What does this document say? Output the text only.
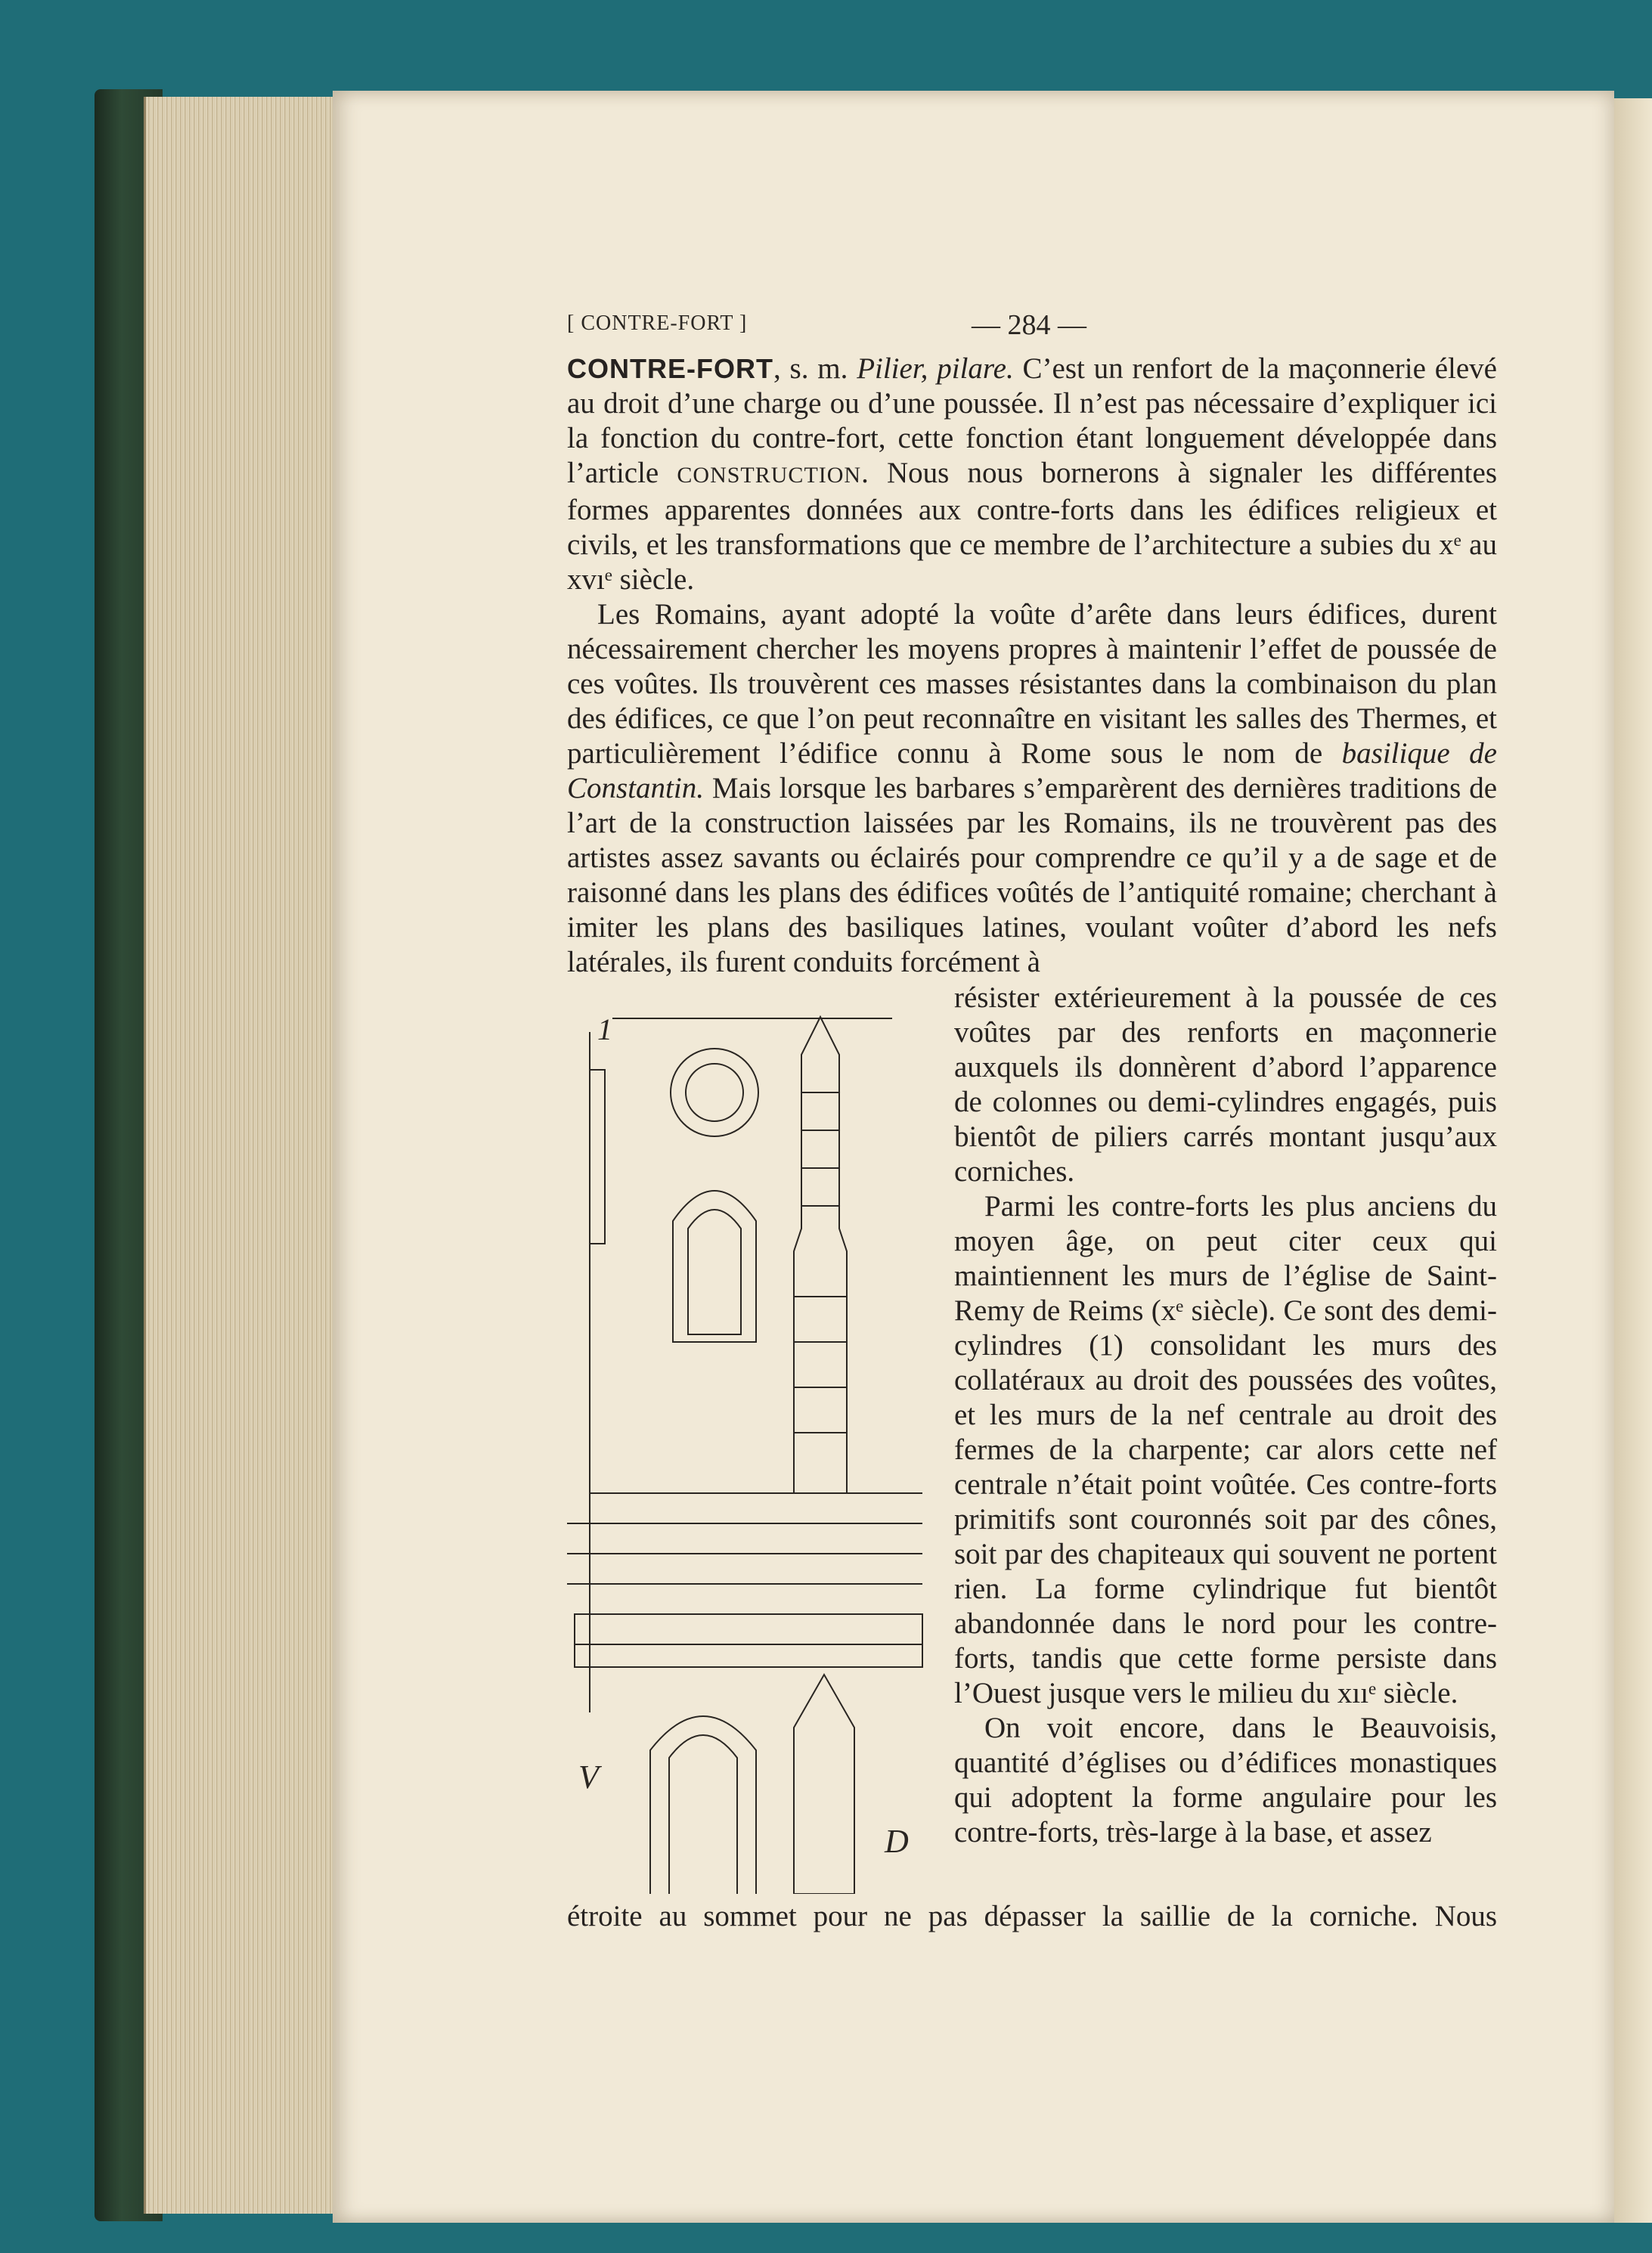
[ CONTRE-FORT ]	— 284 —

CONTRE-FORT, s. m. Pilier, pilare. C’est un renfort de la maçonnerie élevé au droit d’une charge ou d’une poussée. Il n’est pas nécessaire d’expliquer ici la fonction du contre-fort, cette fonction étant longuement développée dans l’article CONSTRUCTION. Nous nous bornerons à signaler les différentes formes apparentes données aux contre-forts dans les édifices religieux et civils, et les transformations que ce membre de l’architecture a subies du xᵉ au xvıᵉ siècle.

Les Romains, ayant adopté la voûte d’arête dans leurs édifices, durent nécessairement chercher les moyens propres à maintenir l’effet de poussée de ces voûtes. Ils trouvèrent ces masses résistantes dans la combinaison du plan des édifices, ce que l’on peut reconnaître en visitant les salles des Thermes, et particulièrement l’édifice connu à Rome sous le nom de basilique de Constantin. Mais lorsque les barbares s’emparèrent des dernières traditions de l’art de la construction laissées par les Romains, ils ne trouvèrent pas des artistes assez savants ou éclairés pour comprendre ce qu’il y a de sage et de raisonné dans les plans des édifices voûtés de l’antiquité romaine; cherchant à imiter les plans des basiliques latines, voulant voûter d’abord les nefs latérales, ils furent conduits forcément à

1
V
D

résister extérieurement à la poussée de ces voûtes par des renforts en maçonnerie auxquels ils donnèrent d’abord l’apparence de colonnes ou demi-cylindres engagés, puis bientôt de piliers carrés montant jusqu’aux corniches.

Parmi les contre-forts les plus anciens du moyen âge, on peut citer ceux qui maintiennent les murs de l’église de Saint-Remy de Reims (xᵉ siècle). Ce sont des demi-cylindres (1) consolidant les murs des collatéraux au droit des poussées des voûtes, et les murs de la nef centrale au droit des fermes de la charpente; car alors cette nef centrale n’était point voûtée. Ces contre-forts primitifs sont couronnés soit par des cônes, soit par des chapiteaux qui souvent ne portent rien. La forme cylindrique fut bientôt abandonnée dans le nord pour les contre-forts, tandis que cette forme persiste dans l’Ouest jusque vers le milieu du xııᵉ siècle.

On voit encore, dans le Beauvoisis, quantité d’églises ou d’édifices monastiques qui adoptent la forme angulaire pour les contre-forts, très-large à la base, et assez

étroite au sommet pour ne pas dépasser la saillie de la corniche. Nous
